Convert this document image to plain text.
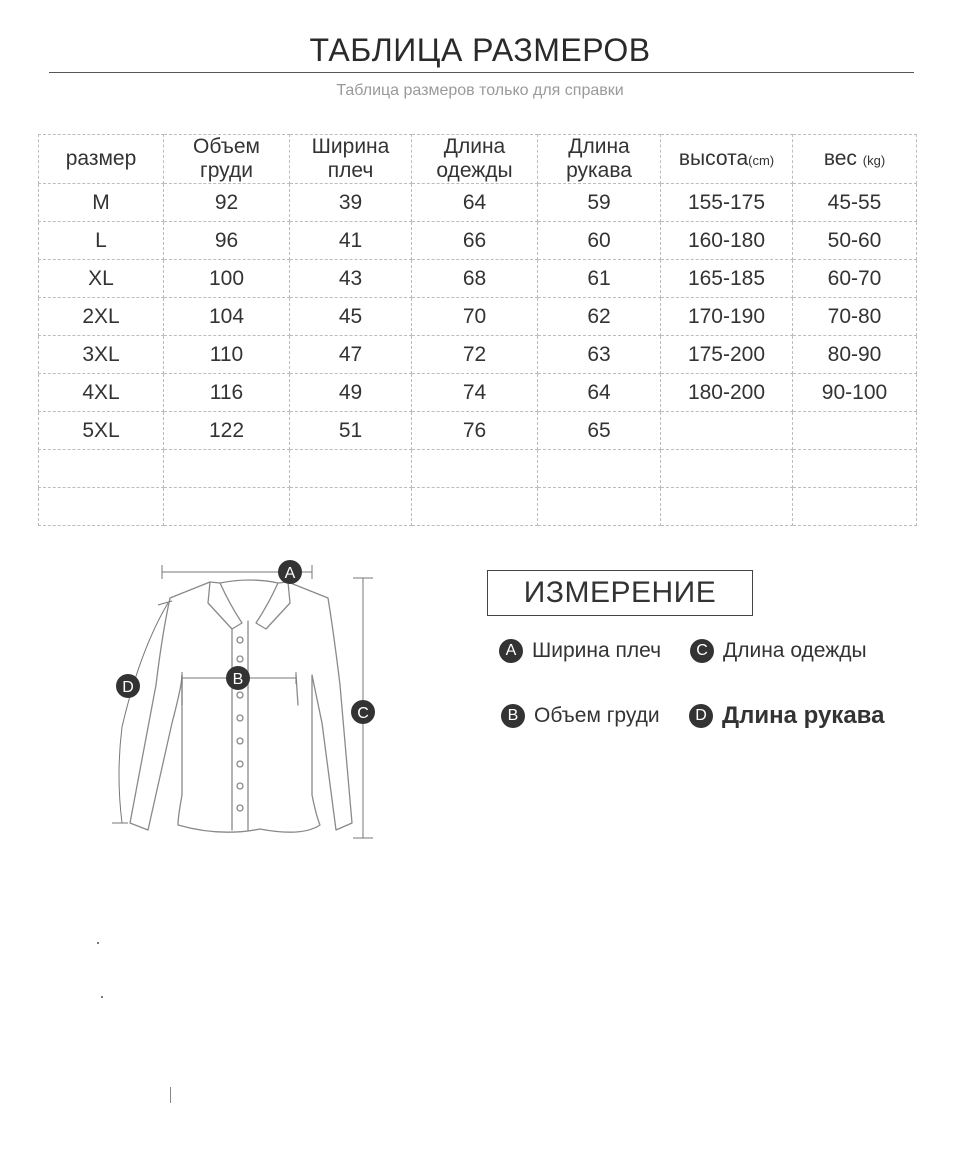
ТАБЛИЦА РАЗМЕРОВ
Таблица размеров только для справки
размер	Объем груди	Ширина плеч	Длина одежды	Длина рукава	высота(cm)	вес (kg)
M	92	39	64	59	155-175	45-55
L	96	41	66	60	160-180	50-60
XL	100	43	68	61	165-185	60-70
2XL	104	45	70	62	170-190	70-80
3XL	110	47	72	63	175-200	80-90
4XL	116	49	74	64	180-200	90-100
5XL	122	51	76	65		

A
B
C
D
ИЗМЕРЕНИЕ
A Ширина плеч	C Длина одежды
B Объем груди	D Длина рукава
